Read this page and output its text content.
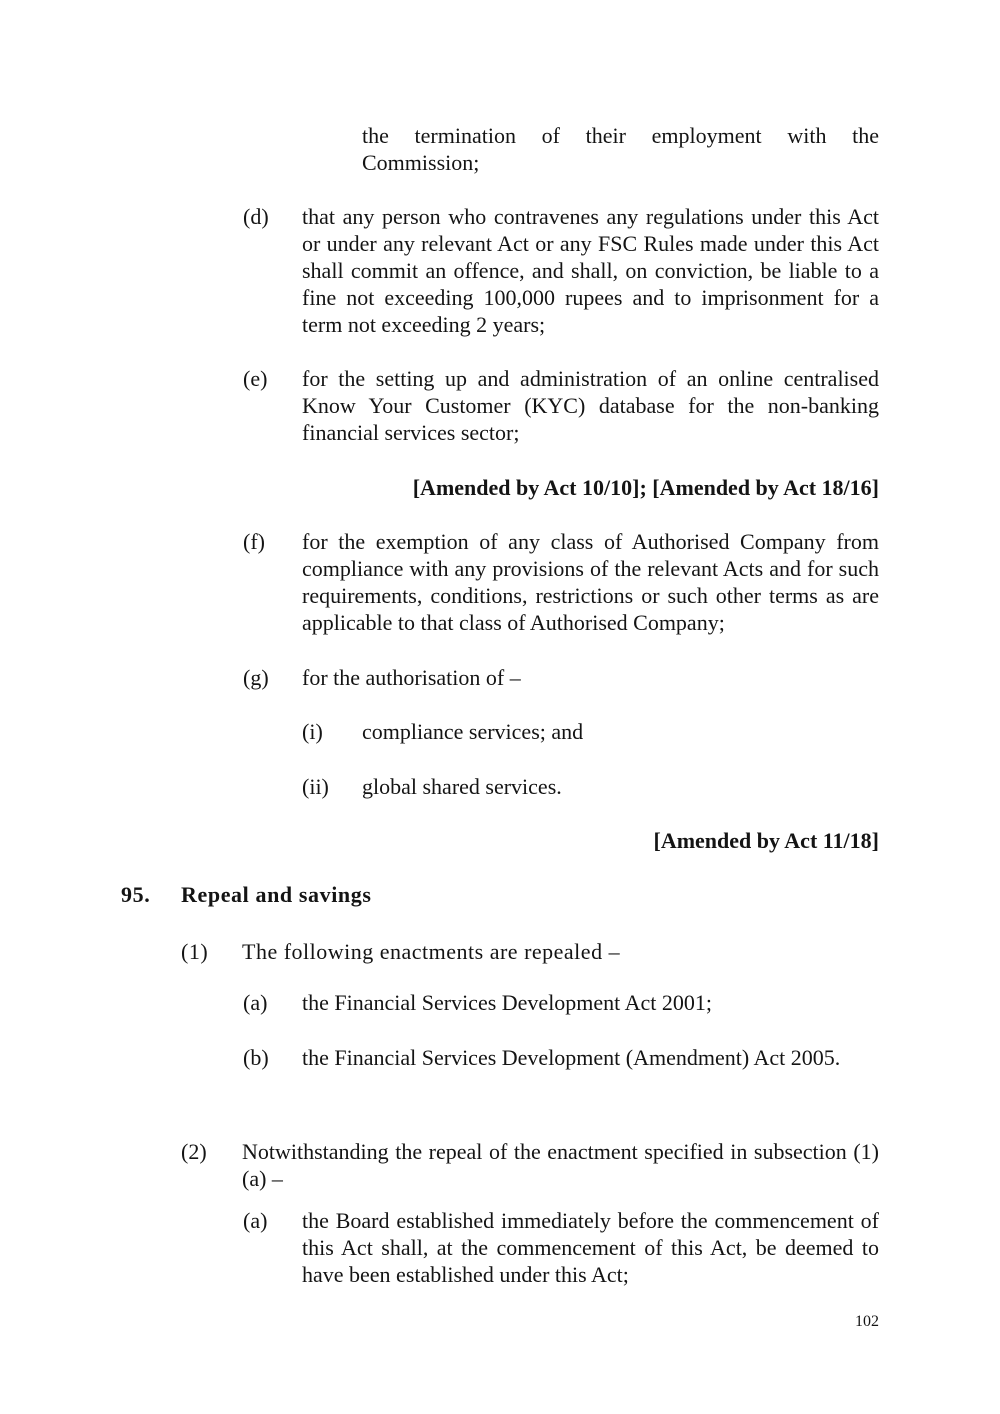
the termination of their employment with the Commission;

(d) that any person who contravenes any regulations under this Act or under any relevant Act or any FSC Rules made under this Act shall commit an offence, and shall, on conviction, be liable to a fine not exceeding 100,000 rupees and to imprisonment for a term not exceeding 2 years;

(e) for the setting up and administration of an online centralised Know Your Customer (KYC) database for the non-banking financial services sector;

[Amended by Act 10/10]; [Amended by Act 18/16]

(f) for the exemption of any class of Authorised Company from compliance with any provisions of the relevant Acts and for such requirements, conditions, restrictions or such other terms as are applicable to that class of Authorised Company;

(g) for the authorisation of –

(i) compliance services; and

(ii) global shared services.

[Amended by Act 11/18]

95. Repeal and savings
(1) The following enactments are repealed –

(a) the Financial Services Development Act 2001;

(b) the Financial Services Development (Amendment) Act 2005.

(2) Notwithstanding the repeal of the enactment specified in subsection (1)(a) –

(a) the Board established immediately before the commencement of this Act shall, at the commencement of this Act, be deemed to have been established under this Act;

102
